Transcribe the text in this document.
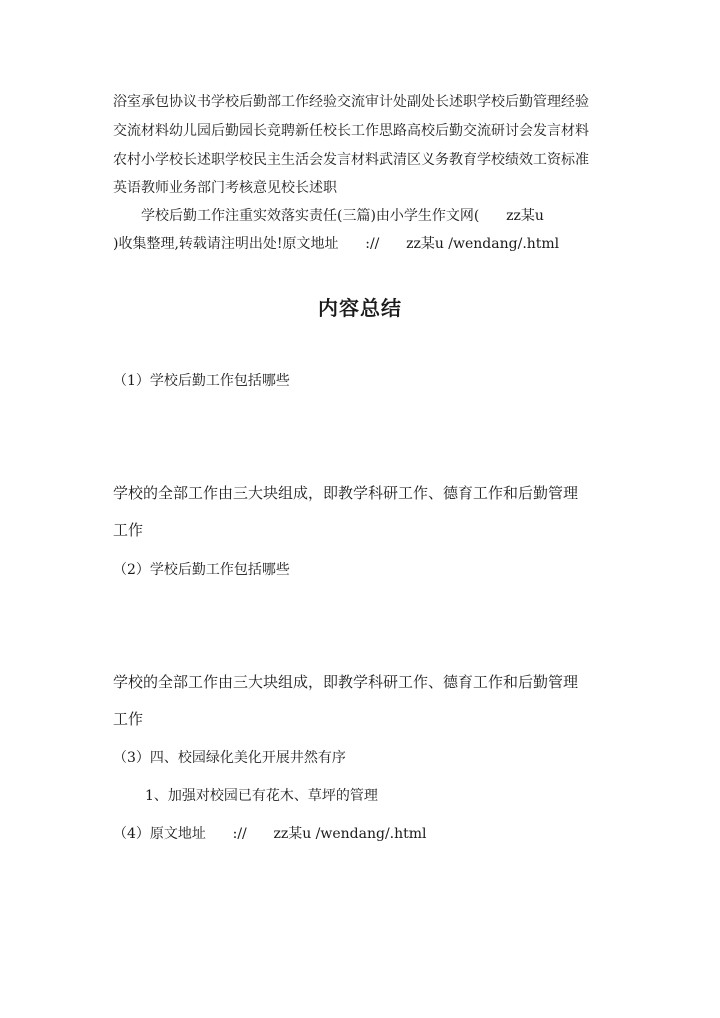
浴室承包协议书学校后勤部工作经验交流审计处副处长述职学校后勤管理经验
交流材料幼儿园后勤园长竞聘新任校长工作思路高校后勤交流研讨会发言材料
农村小学校长述职学校民主生活会发言材料武清区义务教育学校绩效工资标准
英语教师业务部门考核意见校长述职
学校后勤工作注重实效落实责任(三篇)由小学生作文网(      zz某u
)收集整理,转载请注明出处!原文地址      ://      zz某u /wendang/.html
内容总结
（1）学校后勤工作包括哪些
学校的全部工作由三大块组成，即教学科研工作、德育工作和后勤管理
工作
（2）学校后勤工作包括哪些
学校的全部工作由三大块组成，即教学科研工作、德育工作和后勤管理
工作
（3）四、校园绿化美化开展井然有序
1、加强对校园已有花木、草坪的管理
（4）原文地址      ://      zz某u /wendang/.html
